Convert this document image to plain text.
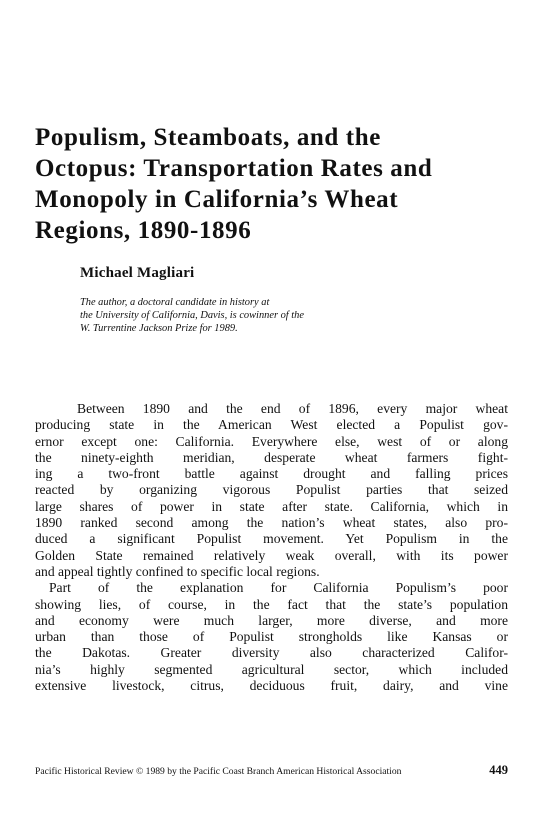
Populism, Steamboats, and the
Octopus: Transportation Rates and
Monopoly in California’s Wheat
Regions, 1890-1896

Michael Magliari

The author, a doctoral candidate in history at
the University of California, Davis, is cowinner of the
W. Turrentine Jackson Prize for 1989.
Between 1890 and the end of 1896, every major wheat
producing state in the American West elected a Populist gov-
ernor except one: California. Everywhere else, west of or along
the ninety-eighth meridian, desperate wheat farmers fight-
ing a two-front battle against drought and falling prices
reacted by organizing vigorous Populist parties that seized
large shares of power in state after state. California, which in
1890 ranked second among the nation’s wheat states, also pro-
duced a significant Populist movement. Yet Populism in the
Golden State remained relatively weak overall, with its power
and appeal tightly confined to specific local regions.
Part of the explanation for California Populism’s poor
showing lies, of course, in the fact that the state’s population
and economy were much larger, more diverse, and more
urban than those of Populist strongholds like Kansas or
the Dakotas. Greater diversity also characterized Califor-
nia’s highly segmented agricultural sector, which included
extensive livestock, citrus, deciduous fruit, dairy, and vine
Pacific Historical Review © 1989 by the Pacific Coast Branch American Historical Association	449
